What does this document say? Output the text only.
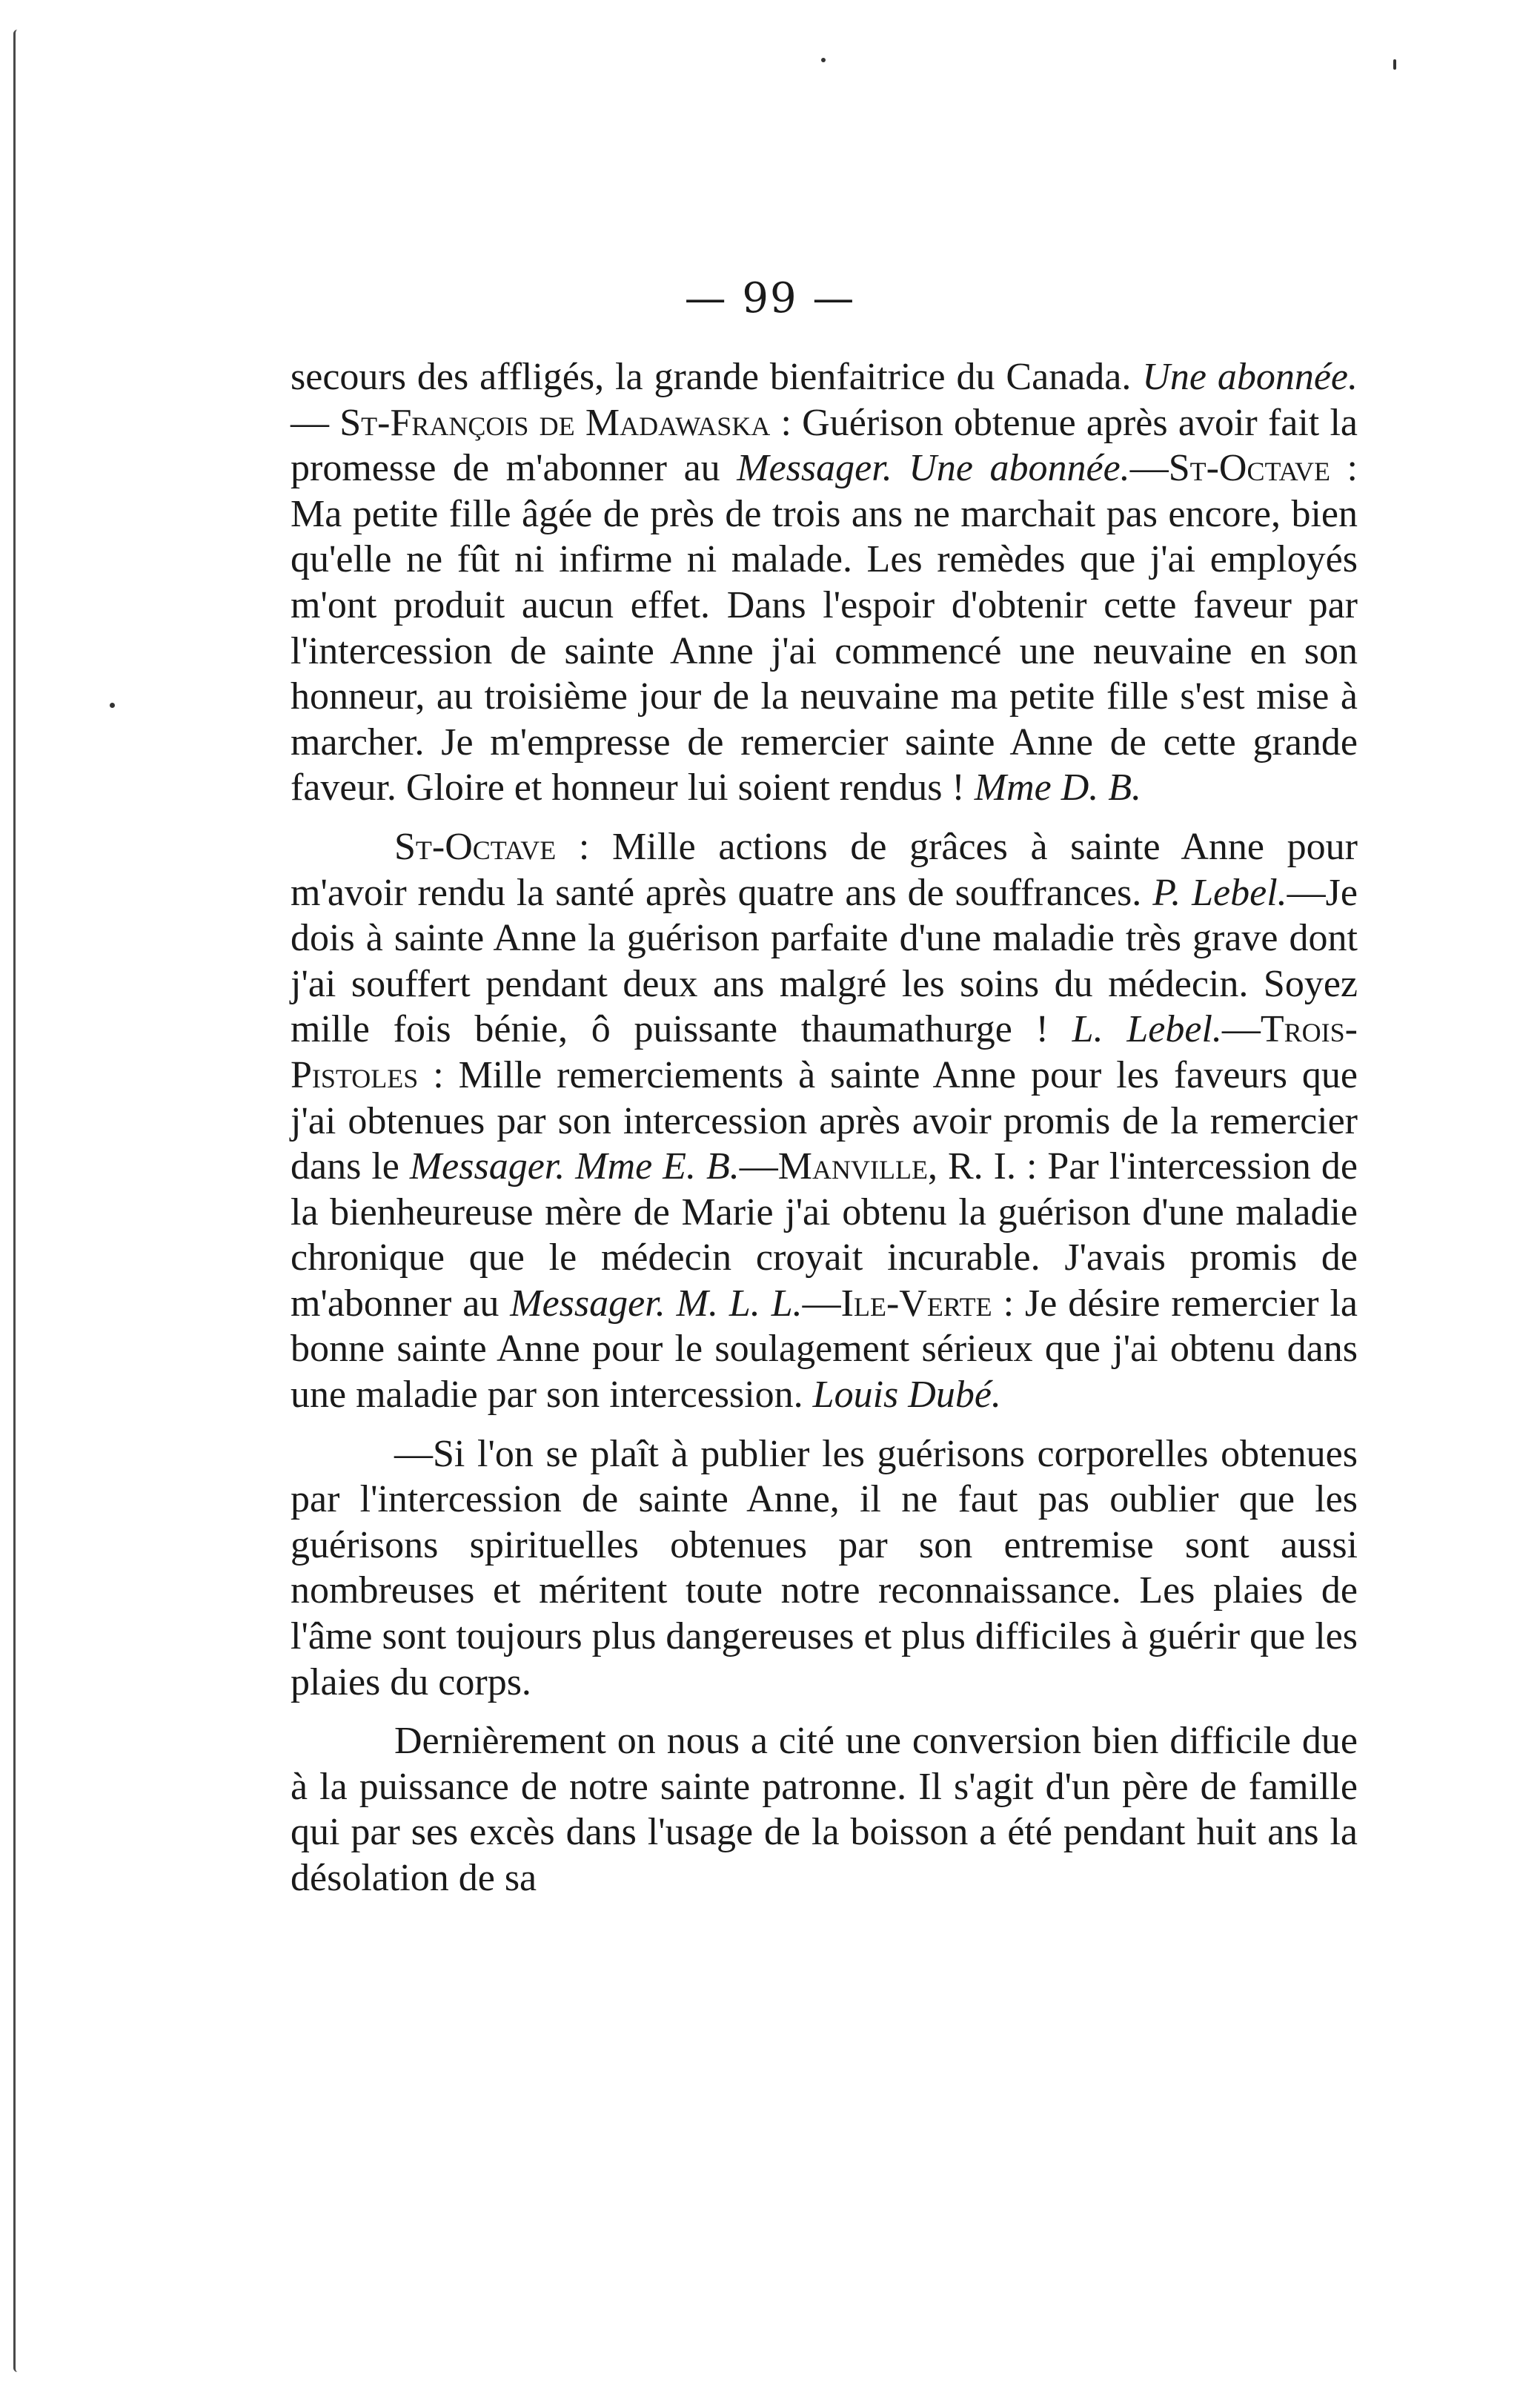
— 99 —

secours des affligés, la grande bienfaitrice du Canada. Une abonnée. — St-François de Madawaska : Guérison obtenue après avoir fait la promesse de m'abonner au Messager. Une abonnée.—St-Octave : Ma petite fille âgée de près de trois ans ne marchait pas encore, bien qu'elle ne fût ni infirme ni malade. Les remèdes que j'ai employés m'ont produit aucun effet. Dans l'espoir d'obtenir cette faveur par l'intercession de sainte Anne j'ai commencé une neuvaine en son honneur, au troisième jour de la neuvaine ma petite fille s'est mise à marcher. Je m'empresse de remercier sainte Anne de cette grande faveur. Gloire et honneur lui soient rendus ! Mme D. B.

St-Octave : Mille actions de grâces à sainte Anne pour m'avoir rendu la santé après quatre ans de souffrances. P. Lebel.—Je dois à sainte Anne la guérison parfaite d'une maladie très grave dont j'ai souffert pendant deux ans malgré les soins du médecin. Soyez mille fois bénie, ô puissante thaumathurge ! L. Lebel.—Trois-Pistoles : Mille remerciements à sainte Anne pour les faveurs que j'ai obtenues par son intercession après avoir promis de la remercier dans le Messager. Mme E. B.—Manville, R. I. : Par l'intercession de la bienheureuse mère de Marie j'ai obtenu la guérison d'une maladie chronique que le médecin croyait incurable. J'avais promis de m'abonner au Messager. M. L. L.—Ile-Verte : Je désire remercier la bonne sainte Anne pour le soulagement sérieux que j'ai obtenu dans une maladie par son intercession. Louis Dubé.

—Si l'on se plaît à publier les guérisons corporelles obtenues par l'intercession de sainte Anne, il ne faut pas oublier que les guérisons spirituelles obtenues par son entremise sont aussi nombreuses et méritent toute notre reconnaissance. Les plaies de l'âme sont toujours plus dangereuses et plus difficiles à guérir que les plaies du corps.

Dernièrement on nous a cité une conversion bien difficile due à la puissance de notre sainte patronne. Il s'agit d'un père de famille qui par ses excès dans l'usage de la boisson a été pendant huit ans la désolation de sa
